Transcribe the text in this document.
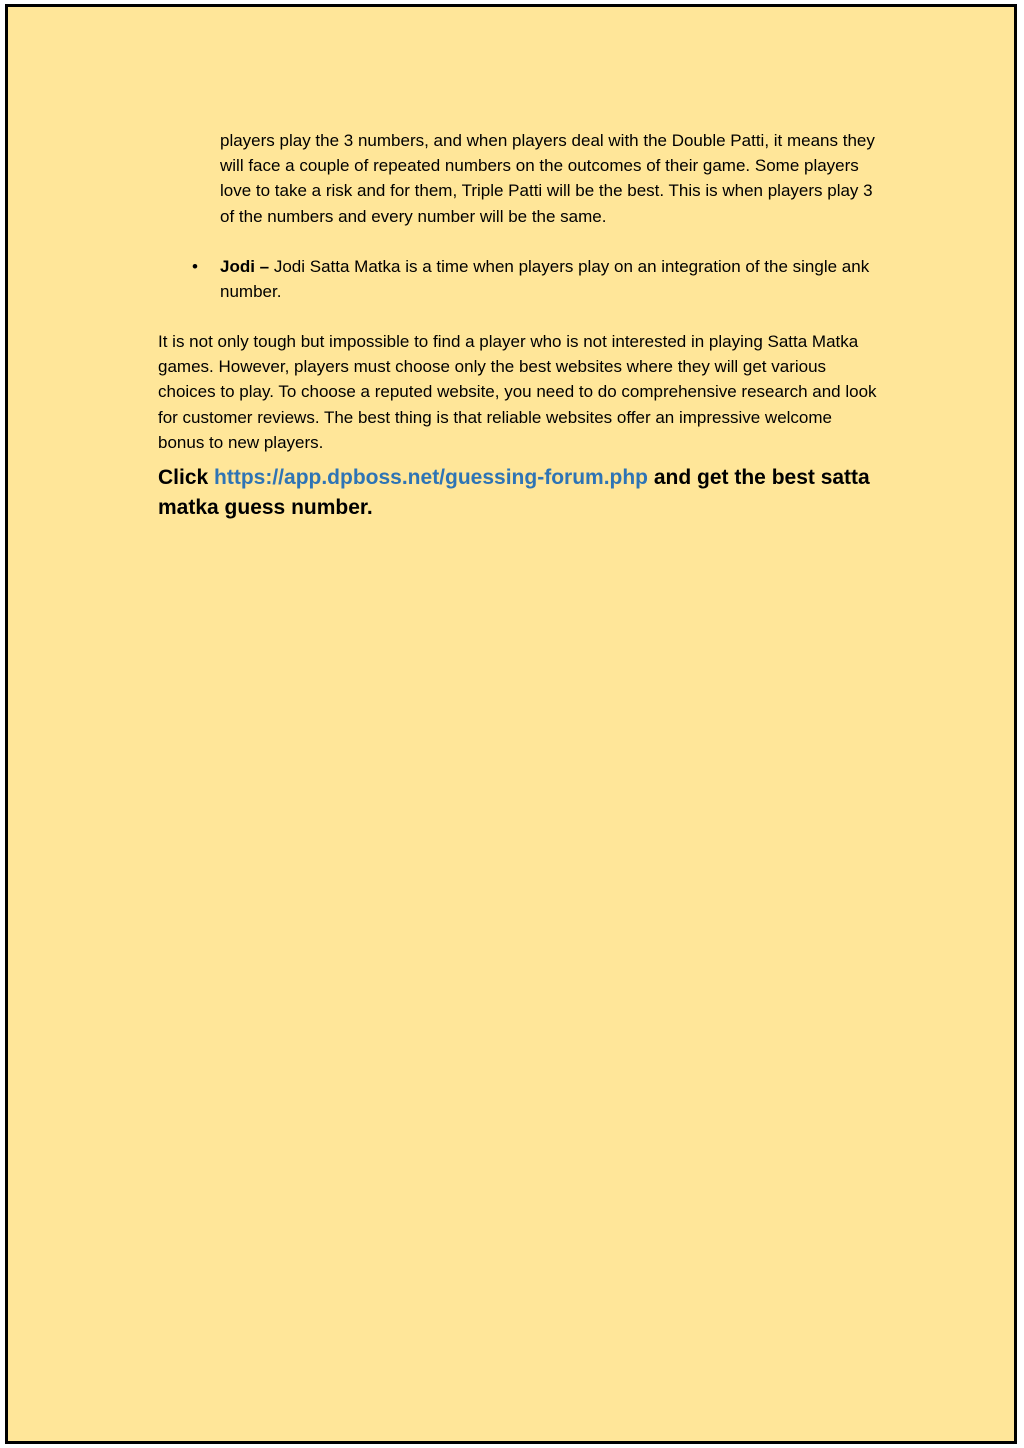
players play the 3 numbers, and when players deal with the Double Patti, it means they will face a couple of repeated numbers on the outcomes of their game. Some players love to take a risk and for them, Triple Patti will be the best. This is when players play 3 of the numbers and every number will be the same.

• Jodi – Jodi Satta Matka is a time when players play on an integration of the single ank number.

It is not only tough but impossible to find a player who is not interested in playing Satta Matka games. However, players must choose only the best websites where they will get various choices to play. To choose a reputed website, you need to do comprehensive research and look for customer reviews. The best thing is that reliable websites offer an impressive welcome bonus to new players.

Click https://app.dpboss.net/guessing-forum.php and get the best satta matka guess number.
